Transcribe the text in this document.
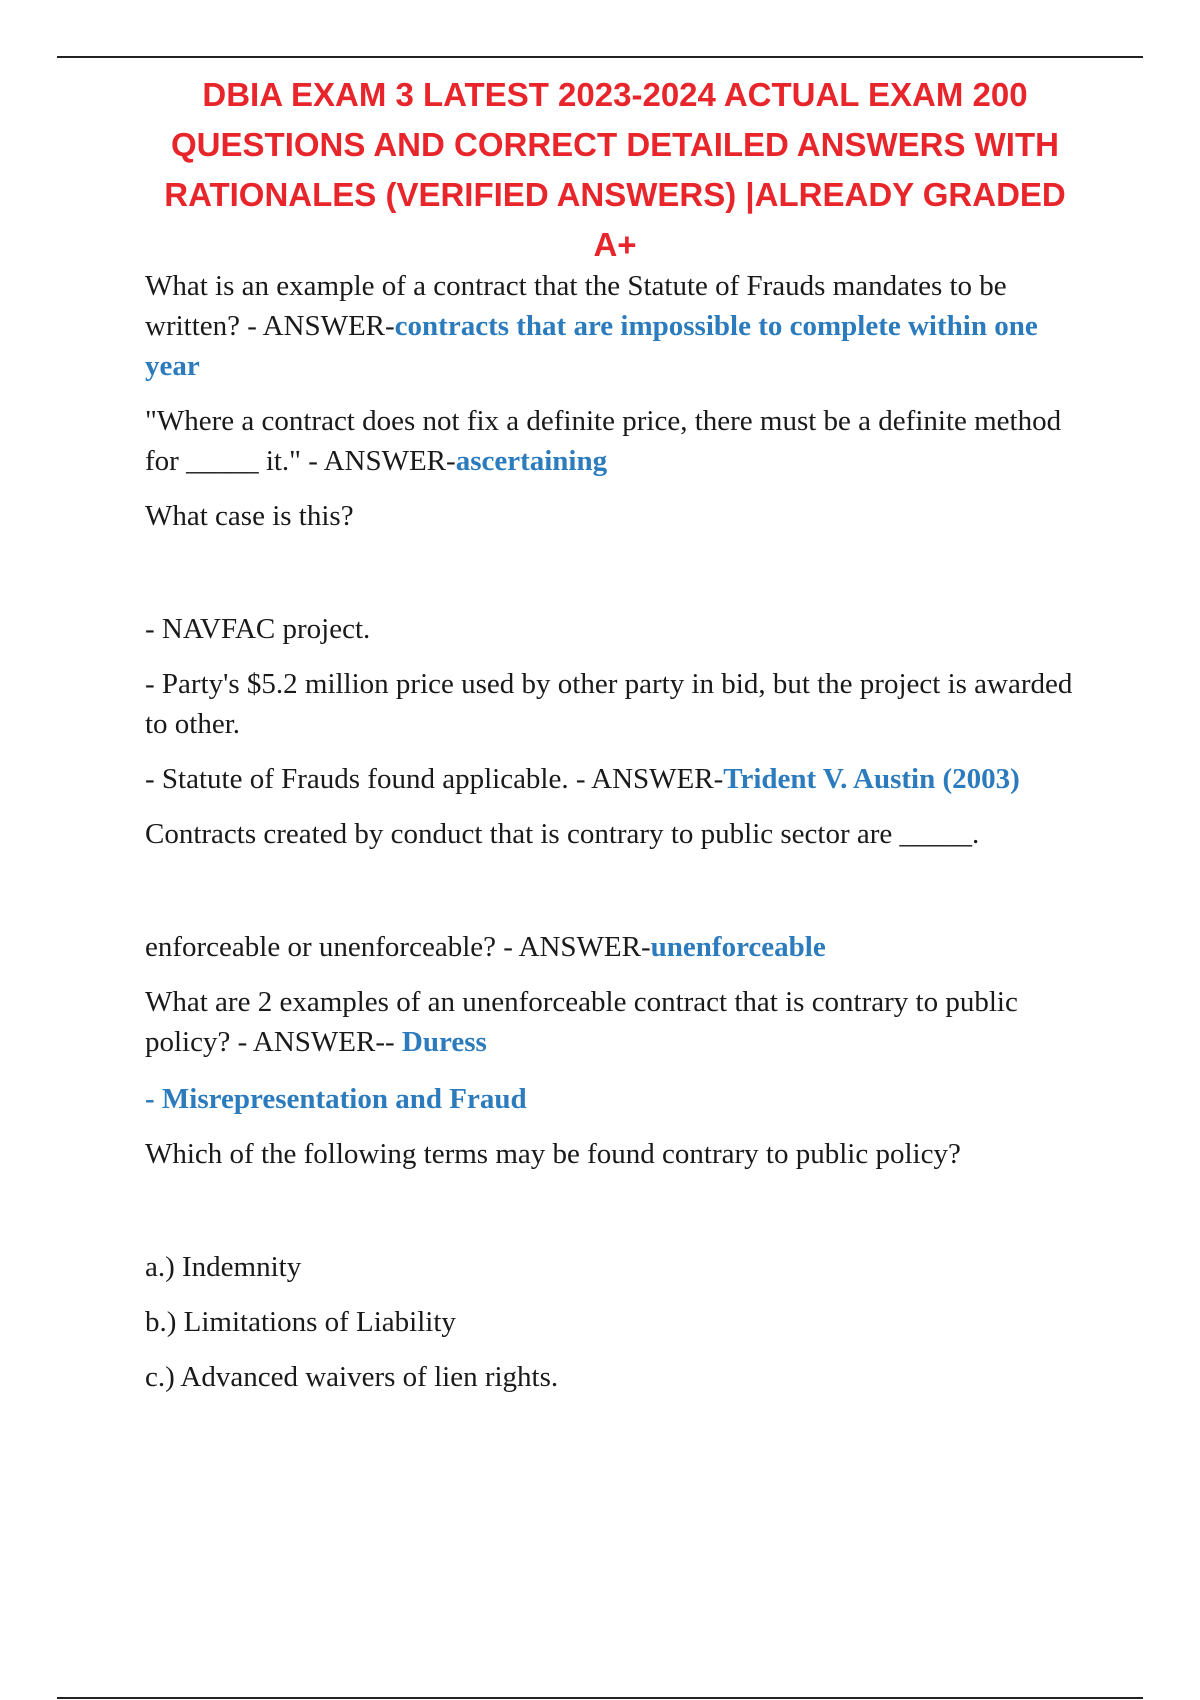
DBIA EXAM 3 LATEST 2023-2024 ACTUAL EXAM 200 QUESTIONS AND CORRECT DETAILED ANSWERS WITH RATIONALES (VERIFIED ANSWERS) |ALREADY GRADED A+

What is an example of a contract that the Statute of Frauds mandates to be written? - ANSWER-contracts that are impossible to complete within one year

"Where a contract does not fix a definite price, there must be a definite method for _____ it." - ANSWER-ascertaining

What case is this?

- NAVFAC project.

- Party's $5.2 million price used by other party in bid, but the project is awarded to other.

- Statute of Frauds found applicable. - ANSWER-Trident V. Austin (2003)

Contracts created by conduct that is contrary to public sector are _____.

enforceable or unenforceable? - ANSWER-unenforceable

What are 2 examples of an unenforceable contract that is contrary to public policy? - ANSWER-- Duress

- Misrepresentation and Fraud

Which of the following terms may be found contrary to public policy?

a.) Indemnity

b.) Limitations of Liability

c.) Advanced waivers of lien rights.
